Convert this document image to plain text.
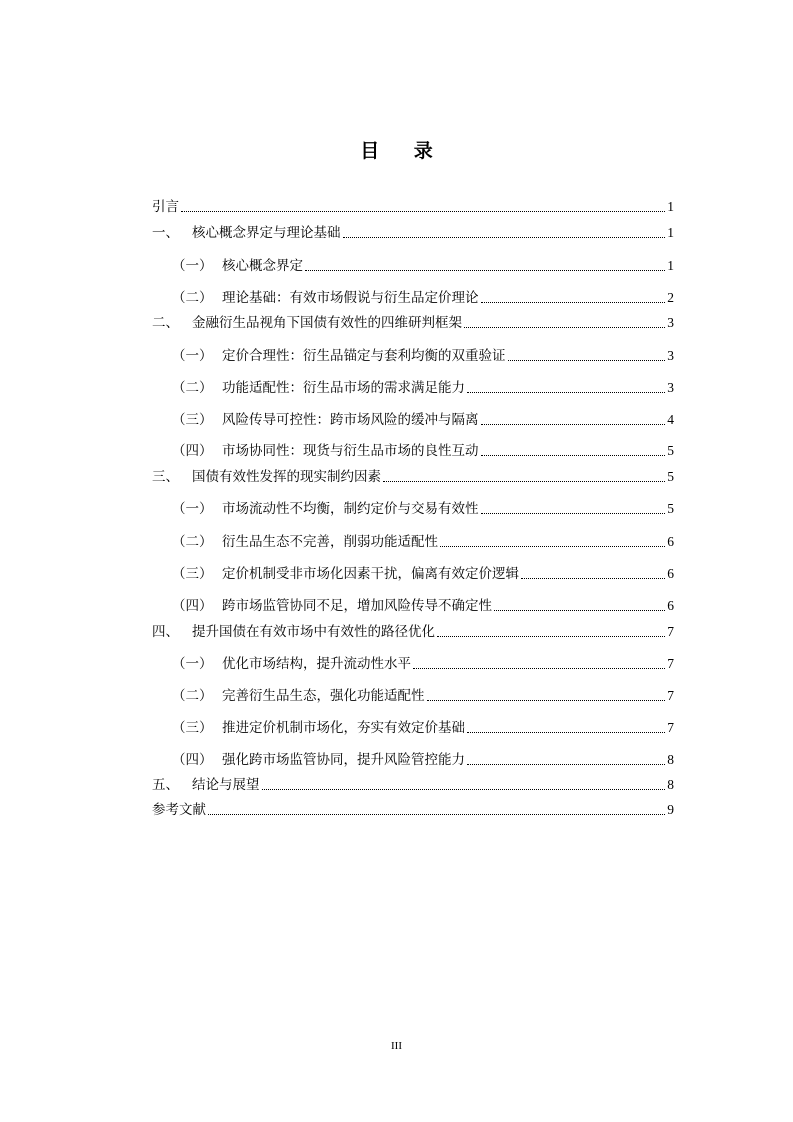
目 录
引言	1
一、 核心概念界定与理论基础	1
（一） 核心概念界定	1
（二） 理论基础：有效市场假说与衍生品定价理论	2
二、 金融衍生品视角下国债有效性的四维研判框架	3
（一） 定价合理性：衍生品锚定与套利均衡的双重验证	3
（二） 功能适配性：衍生品市场的需求满足能力	3
（三） 风险传导可控性：跨市场风险的缓冲与隔离	4
（四） 市场协同性：现货与衍生品市场的良性互动	5
三、 国债有效性发挥的现实制约因素	5
（一） 市场流动性不均衡，制约定价与交易有效性	5
（二） 衍生品生态不完善，削弱功能适配性	6
（三） 定价机制受非市场化因素干扰，偏离有效定价逻辑	6
（四） 跨市场监管协同不足，增加风险传导不确定性	6
四、 提升国债在有效市场中有效性的路径优化	7
（一） 优化市场结构，提升流动性水平	7
（二） 完善衍生品生态，强化功能适配性	7
（三） 推进定价机制市场化，夯实有效定价基础	7
（四） 强化跨市场监管协同，提升风险管控能力	8
五、 结论与展望	8
参考文献	9
III
